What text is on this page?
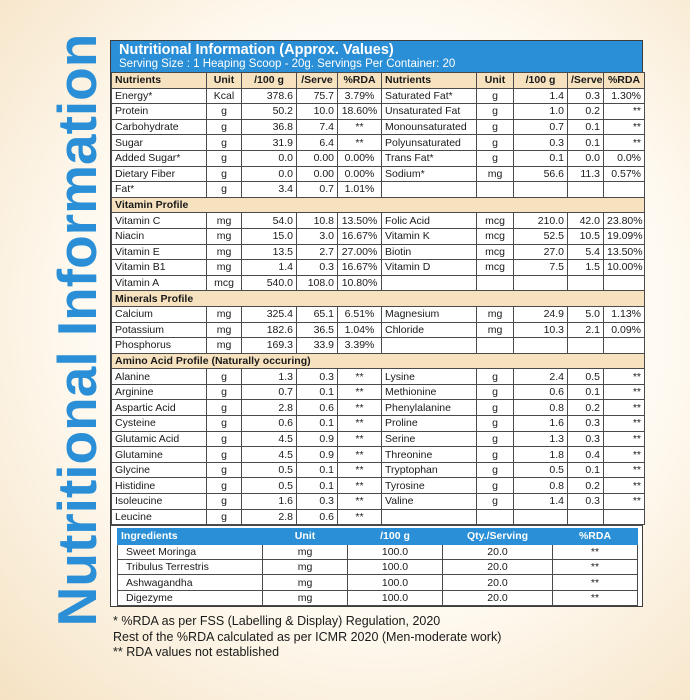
Nutritional Information Nutritional Information (Approx. Values)
Serving Size : 1 Heaping Scoop - 20g. Servings Per Container: 20
Nutrients	Unit	/100 g	/Serve	%RDA	Nutrients	Unit	/100 g	/Serve	%RDA
Energy*	Kcal	378.6	75.7	3.79%	Saturated Fat*	g	1.4	0.3	1.30%
Protein	g	50.2	10.0	18.60%	Unsaturated Fat	g	1.0	0.2	**
Carbohydrate	g	36.8	7.4	**	Monounsaturated	g	0.7	0.1	**
Sugar	g	31.9	6.4	**	Polyunsaturated	g	0.3	0.1	**
Added Sugar*	g	0.0	0.00	0.00%	Trans Fat*	g	0.1	0.0	0.0%
Dietary Fiber	g	0.0	0.00	0.00%	Sodium*	mg	56.6	11.3	0.57%
Fat*	g	3.4	0.7	1.01%					
Vitamin Profile									
Vitamin C	mg	54.0	10.8	13.50%	Folic Acid	mcg	210.0	42.0	23.80%
Niacin	mg	15.0	3.0	16.67%	Vitamin K	mcg	52.5	10.5	19.09%
Vitamin E	mg	13.5	2.7	27.00%	Biotin	mcg	27.0	5.4	13.50%
Vitamin B1	mg	1.4	0.3	16.67%	Vitamin D	mcg	7.5	1.5	10.00%
Vitamin A	mcg	540.0	108.0	10.80%					
Minerals Profile									
Calcium	mg	325.4	65.1	6.51%	Magnesium	mg	24.9	5.0	1.13%
Potassium	mg	182.6	36.5	1.04%	Chloride	mg	10.3	2.1	0.09%
Phosphorus	mg	169.3	33.9	3.39%					
Amino Acid Profile (Naturally occuring)									
Alanine	g	1.3	0.3	**	Lysine	g	2.4	0.5	**
Arginine	g	0.7	0.1	**	Methionine	g	0.6	0.1	**
Aspartic Acid	g	2.8	0.6	**	Phenylalanine	g	0.8	0.2	**
Cysteine	g	0.6	0.1	**	Proline	g	1.6	0.3	**
Glutamic Acid	g	4.5	0.9	**	Serine	g	1.3	0.3	**
Glutamine	g	4.5	0.9	**	Threonine	g	1.8	0.4	**
Glycine	g	0.5	0.1	**	Tryptophan	g	0.5	0.1	**
Histidine	g	0.5	0.1	**	Tyrosine	g	0.8	0.2	**
Isoleucine	g	1.6	0.3	**	Valine	g	1.4	0.3	**
Leucine	g	2.8	0.6	**					
Ingredients	Unit	/100 g	Qty./Serving	%RDA
Sweet Moringa	mg	100.0	20.0	**
Tribulus Terrestris	mg	100.0	20.0	**
Ashwagandha	mg	100.0	20.0	**
Digezyme	mg	100.0	20.0	**
* %RDA as per FSS (Labelling & Display) Regulation, 2020
Rest of the %RDA calculated as per ICMR 2020 (Men-moderate work)
** RDA values not established
